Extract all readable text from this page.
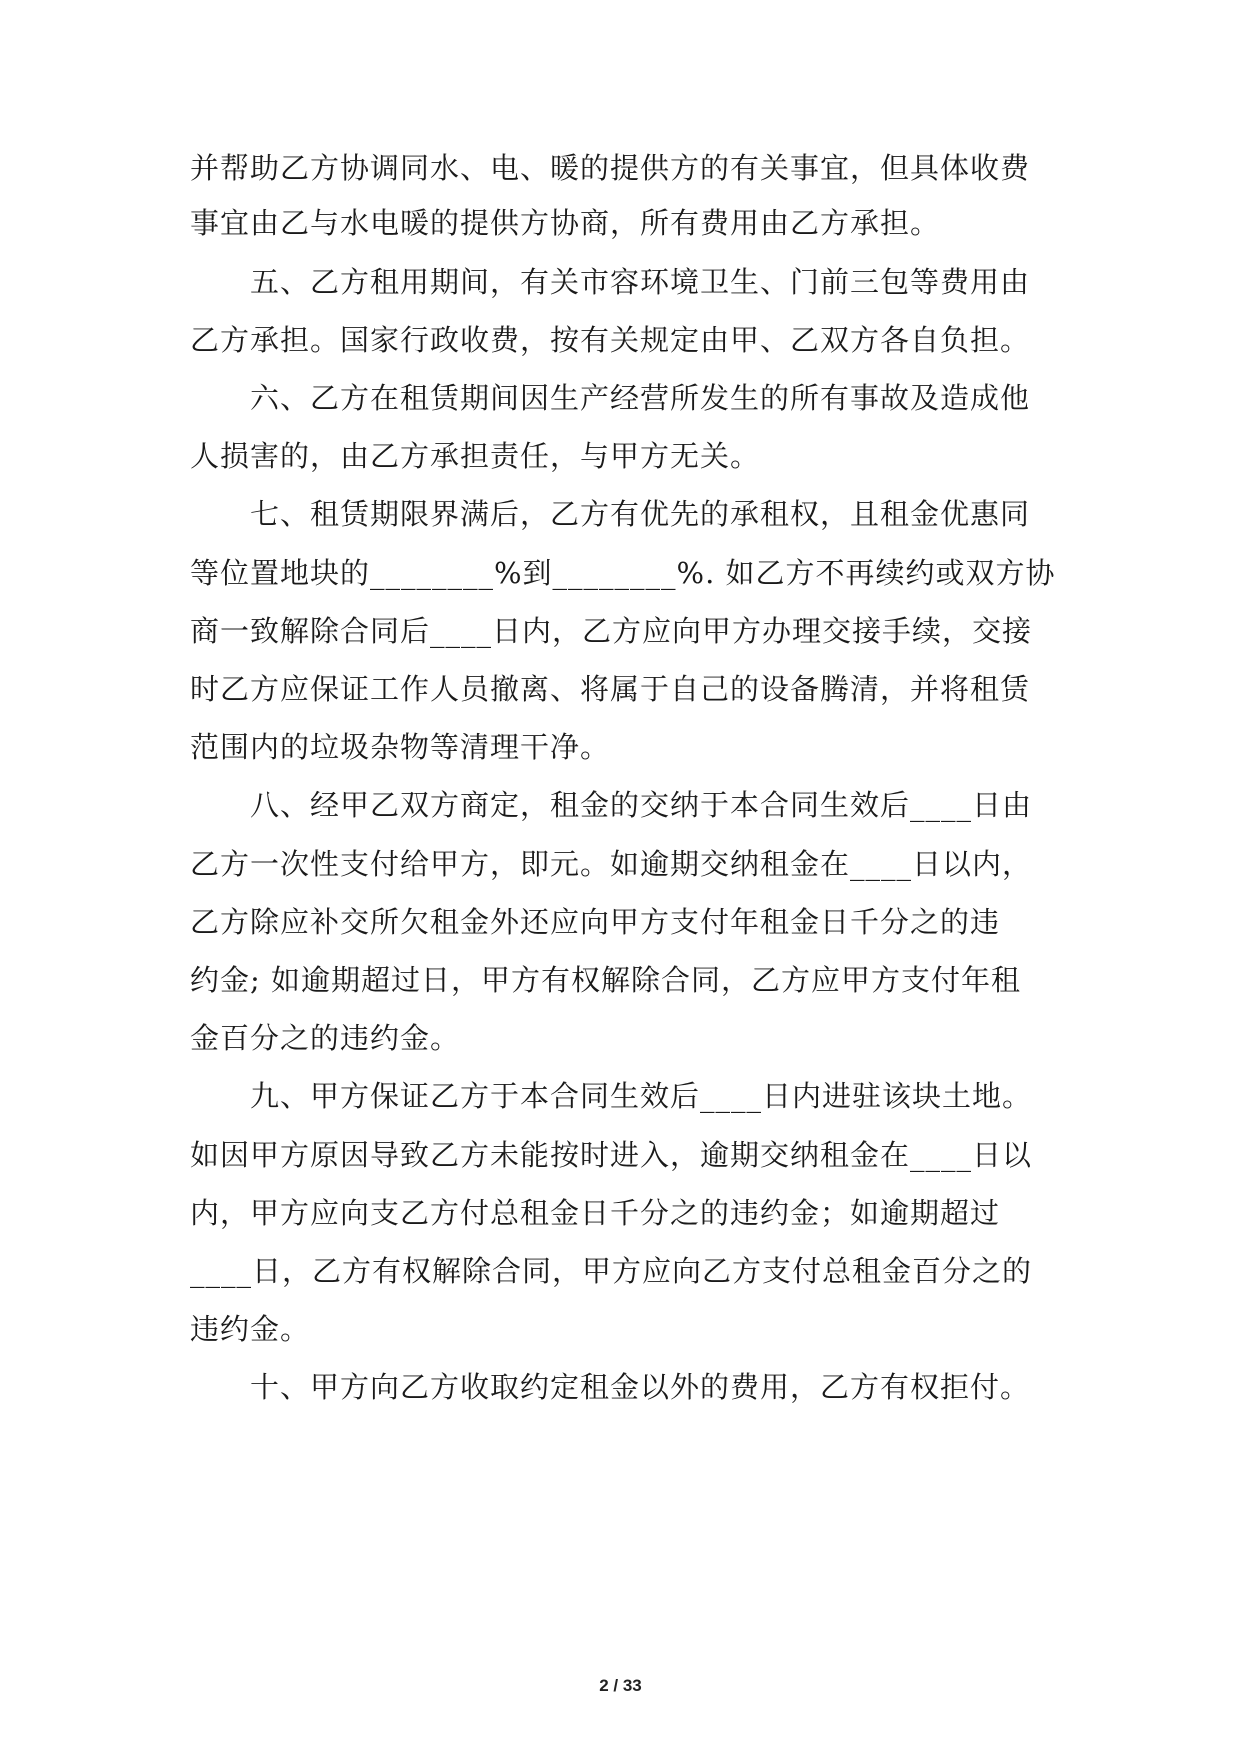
并帮助乙方协调同水、电、暖的提供方的有关事宜，但具体收费
事宜由乙与水电暖的提供方协商，所有费用由乙方承担。
五、乙方租用期间，有关市容环境卫生、门前三包等费用由
乙方承担。国家行政收费，按有关规定由甲、乙双方各自负担。
六、乙方在租赁期间因生产经营所发生的所有事故及造成他
人损害的，由乙方承担责任，与甲方无关。
七、租赁期限界满后，乙方有优先的承租权，且租金优惠同
等位置地块的________%到________%. 如乙方不再续约或双方协
商一致解除合同后____日内，乙方应向甲方办理交接手续，交接
时乙方应保证工作人员撤离、将属于自己的设备腾清，并将租赁
范围内的垃圾杂物等清理干净。
八、经甲乙双方商定，租金的交纳于本合同生效后____日由
乙方一次性支付给甲方，即元。如逾期交纳租金在____日以内，
乙方除应补交所欠租金外还应向甲方支付年租金日千分之的违
约金; 如逾期超过日，甲方有权解除合同，乙方应甲方支付年租
金百分之的违约金。
九、甲方保证乙方于本合同生效后____日内进驻该块土地。
如因甲方原因导致乙方未能按时进入，逾期交纳租金在____日以
内，甲方应向支乙方付总租金日千分之的违约金；如逾期超过
____日，乙方有权解除合同，甲方应向乙方支付总租金百分之的
违约金。
十、甲方向乙方收取约定租金以外的费用，乙方有权拒付。
2 / 33
